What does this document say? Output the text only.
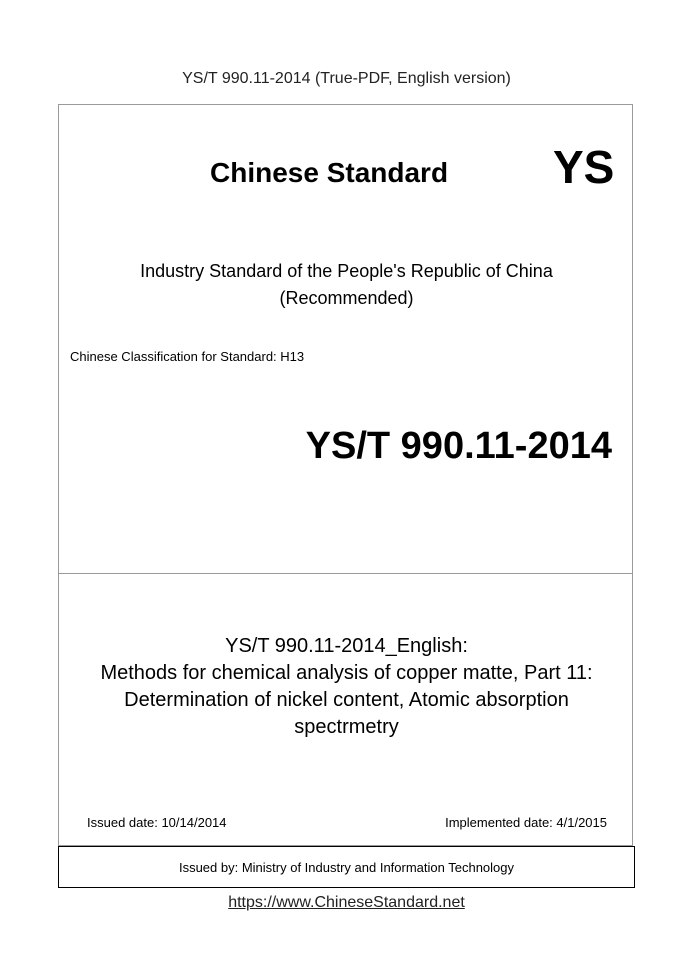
YS/T 990.11-2014 (True-PDF, English version)
Chinese Standard YS
Industry Standard of the People's Republic of China
(Recommended)
Chinese Classification for Standard: H13
YS/T 990.11-2014
YS/T 990.11-2014_English:
Methods for chemical analysis of copper matte, Part 11:
Determination of nickel content, Atomic absorption
spectrmetry
Issued date: 10/14/2014	Implemented date: 4/1/2015
Issued by: Ministry of Industry and Information Technology
https://www.ChineseStandard.net
